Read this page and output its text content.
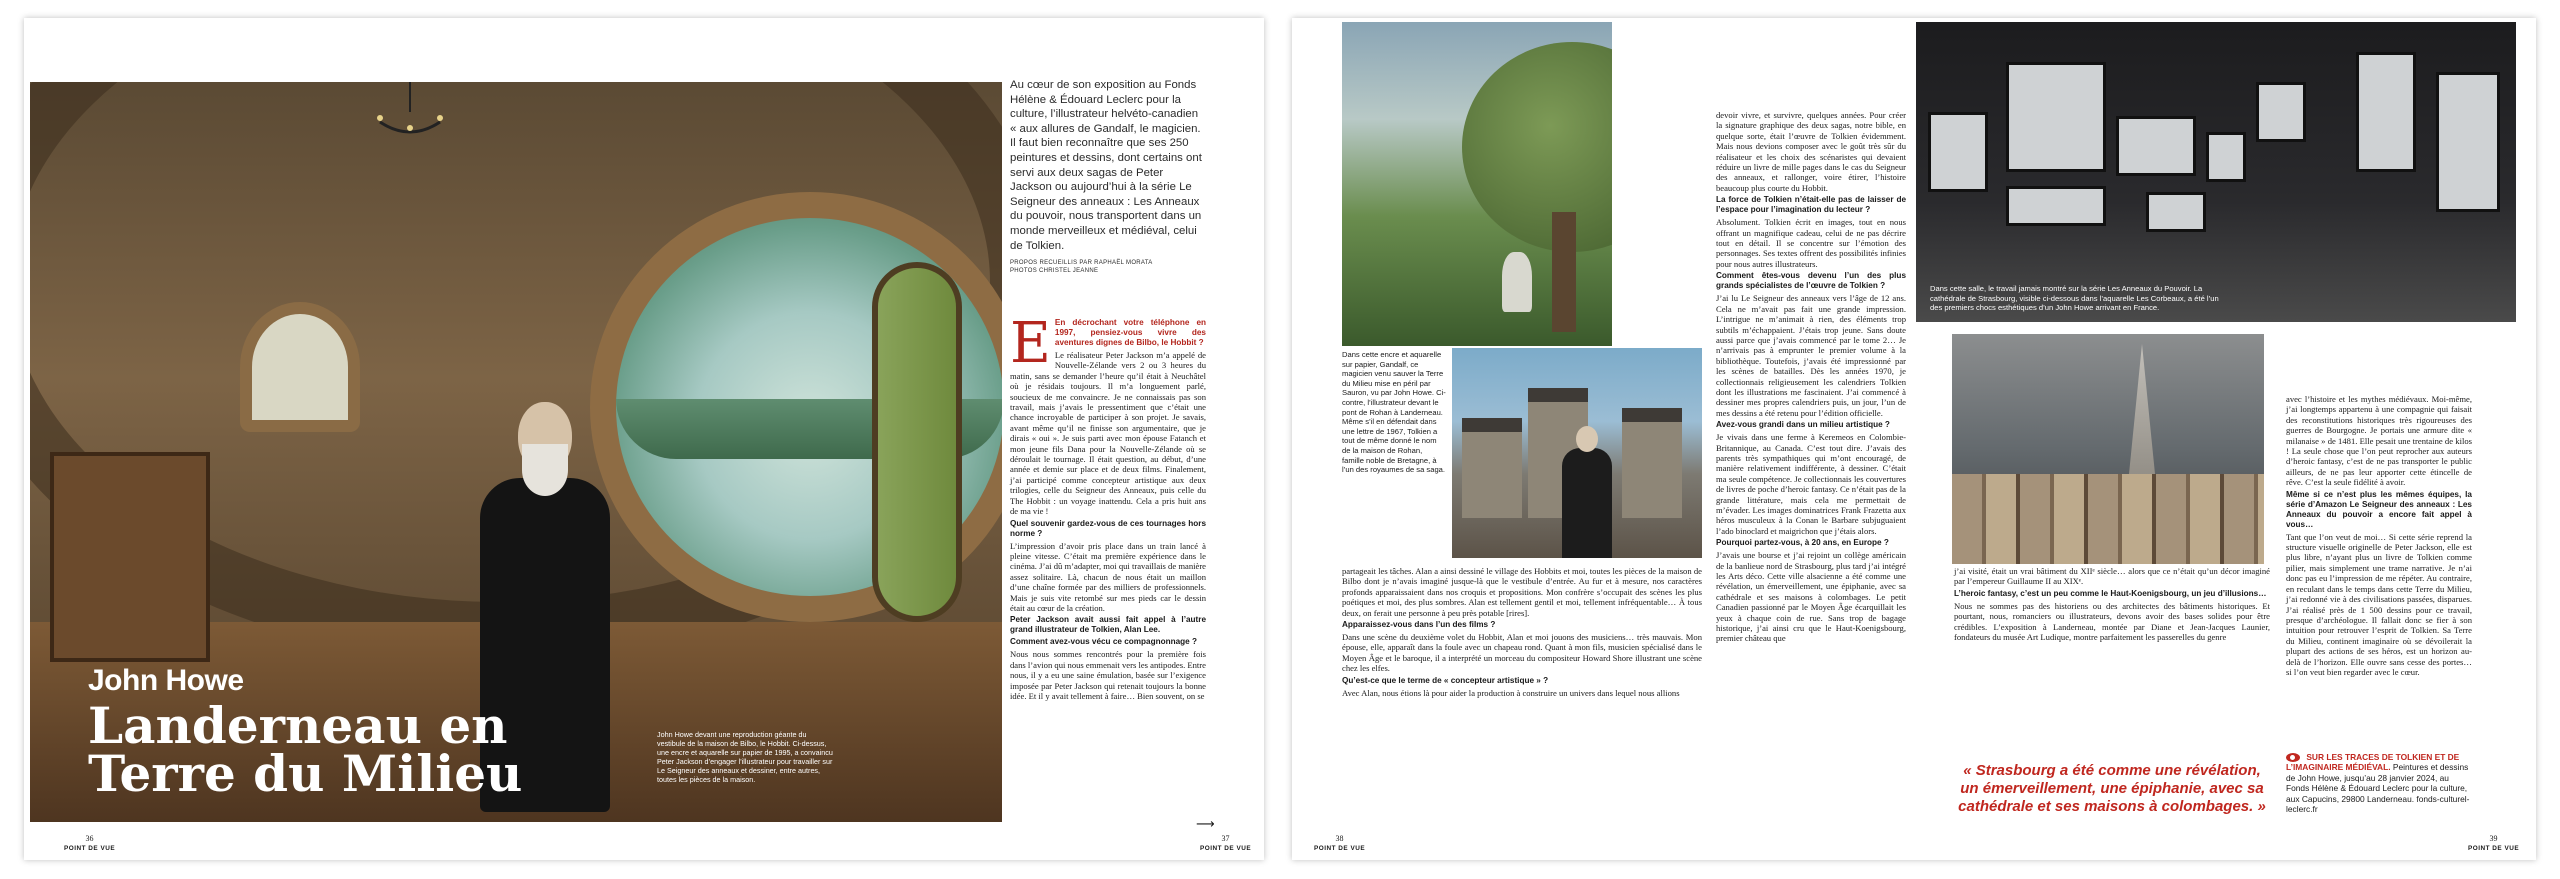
John Howe
Landerneau en
Terre du Milieu
John Howe devant une reproduction géante du vestibule de la maison de Bilbo, le Hobbit. Ci-dessus, une encre et aquarelle sur papier de 1995, a convaincu Peter Jackson d’engager l’illustrateur pour travailler sur Le Seigneur des anneaux et dessiner, entre autres, toutes les pièces de la maison.
Au cœur de son exposition au Fonds Hélène & Édouard Leclerc pour la culture, l’illustrateur helvéto-canadien « aux allures de Gandalf, le magicien. Il faut bien reconnaître que ses 250 peintures et dessins, dont certains ont servi aux deux sagas de Peter Jackson ou aujourd’hui à la série Le Seigneur des anneaux : Les Anneaux du pouvoir, nous transportent dans un monde merveilleux et médiéval, celui de Tolkien.
PROPOS RECUEILLIS PAR RAPHAËL MORATA
PHOTOS CHRISTEL JEANNE
E En décrochant votre téléphone en 1997, pensiez-vous vivre des aventures dignes de Bilbo, le Hobbit ?

Le réalisateur Peter Jackson m’a appelé de Nouvelle-Zélande vers 2 ou 3 heures du matin, sans se demander l’heure qu’il était à Neuchâtel où je résidais toujours. Il m’a longuement parlé, soucieux de me convaincre. Je ne connaissais pas son travail, mais j’avais le pressentiment que c’était une chance incroyable de participer à son projet. Je savais, avant même qu’il ne finisse son argumentaire, que je dirais « oui ». Je suis parti avec mon épouse Fatanch et mon jeune fils Dana pour la Nouvelle-Zélande où se déroulait le tournage. Il était question, au début, d’une année et demie sur place et de deux films. Finalement, j’ai participé comme concepteur artistique aux deux trilogies, celle du Seigneur des Anneaux, puis celle du The Hobbit : un voyage inattendu. Cela a pris huit ans de ma vie !

Quel souvenir gardez-vous de ces tournages hors norme ?

L’impression d’avoir pris place dans un train lancé à pleine vitesse. C’était ma première expérience dans le cinéma. J’ai dû m’adapter, moi qui travaillais de manière assez solitaire. Là, chacun de nous était un maillon d’une chaîne formée par des milliers de professionnels. Mais je suis vite retombé sur mes pieds car le dessin était au cœur de la création.

Peter Jackson avait aussi fait appel à l’autre grand illustrateur de Tolkien, Alan Lee.

Comment avez-vous vécu ce compagnonnage ?

Nous nous sommes rencontrés pour la première fois dans l’avion qui nous emmenait vers les antipodes. Entre nous, il y a eu une saine émulation, basée sur l’exigence imposée par Peter Jackson qui retenait toujours la bonne idée. Et il y avait tellement à faire… Bien souvent, on se

⟶
36
POINT DE VUE
37
POINT DE VUE
Dans cette encre et aquarelle sur papier, Gandalf, ce magicien venu sauver la Terre du Milieu mise en péril par Sauron, vu par John Howe. Ci-contre, l’illustrateur devant le pont de Rohan à Landerneau. Même s’il en défendait dans une lettre de 1967, Tolkien a tout de même donné le nom de la maison de Rohan, famille noble de Bretagne, à l’un des royaumes de sa saga.

partageait les tâches. Alan a ainsi dessiné le village des Hobbits et moi, toutes les pièces de la maison de Bilbo dont je n’avais imaginé jusque-là que le vestibule d’entrée. Au fur et à mesure, nos caractères profonds apparaissaient dans nos croquis et propositions. Mon confrère s’occupait des scènes les plus poétiques et moi, des plus sombres. Alan est tellement gentil et moi, tellement infréquentable… À tous deux, on ferait une personne à peu près potable [rires].

Apparaissez-vous dans l’un des films ?

Dans une scène du deuxième volet du Hobbit, Alan et moi jouons des musiciens… très mauvais. Mon épouse, elle, apparaît dans la foule avec un chapeau rond. Quant à mon fils, musicien spécialisé dans le Moyen Âge et le baroque, il a interprété un morceau du compositeur Howard Shore illustrant une scène chez les elfes.

Qu’est-ce que le terme de « concepteur artistique » ?

Avec Alan, nous étions là pour aider la production à construire un univers dans lequel nous allions

devoir vivre, et survivre, quelques années. Pour créer la signature graphique des deux sagas, notre bible, en quelque sorte, était l’œuvre de Tolkien évidemment. Mais nous devions composer avec le goût très sûr du réalisateur et les choix des scénaristes qui devaient réduire un livre de mille pages dans le cas du Seigneur des anneaux, et rallonger, voire étirer, l’histoire beaucoup plus courte du Hobbit.

La force de Tolkien n’était-elle pas de laisser de l’espace pour l’imagination du lecteur ?

Absolument. Tolkien écrit en images, tout en nous offrant un magnifique cadeau, celui de ne pas décrire tout en détail. Il se concentre sur l’émotion des personnages. Ses textes offrent des possibilités infinies pour nous autres illustrateurs.

Comment êtes-vous devenu l’un des plus grands spécialistes de l’œuvre de Tolkien ?

J’ai lu Le Seigneur des anneaux vers l’âge de 12 ans. Cela ne m’avait pas fait une grande impression. L’intrigue ne m’animait à rien, des éléments trop subtils m’échappaient. J’étais trop jeune. Sans doute aussi parce que j’avais commencé par le tome 2… Je n’arrivais pas à emprunter le premier volume à la bibliothèque. Toutefois, j’avais été impressionné par les scènes de batailles. Dès les années 1970, je collectionnais religieusement les calendriers Tolkien dont les illustrations me fascinaient. J’ai commencé à dessiner mes propres calendriers puis, un jour, l’un de mes dessins a été retenu pour l’édition officielle.

Avez-vous grandi dans un milieu artistique ?

Je vivais dans une ferme à Keremeos en Colombie-Britannique, au Canada. C’est tout dire. J’avais des parents très sympathiques qui m’ont encouragé, de manière relativement indifférente, à dessiner. C’était ma seule compétence. Je collectionnais les couvertures de livres de poche d’heroic fantasy. Ce n’était pas de la grande littérature, mais cela me permettait de m’évader. Les images dominatrices Frank Frazetta aux héros musculeux à la Conan le Barbare subjuguaient l’ado binoclard et maigrichon que j’étais alors.

Pourquoi partez-vous, à 20 ans, en Europe ?

J’avais une bourse et j’ai rejoint un collège américain de la banlieue nord de Strasbourg, plus tard j’ai intégré les Arts déco. Cette ville alsacienne a été comme une révélation, un émerveillement, une épiphanie, avec sa cathédrale et ses maisons à colombages. Le petit Canadien passionné par le Moyen Âge écarquillait les yeux à chaque coin de rue. Sans trop de bagage historique, j’ai ainsi cru que le Haut-Koenigsbourg, premier château que

Dans cette salle, le travail jamais montré sur la série Les Anneaux du Pouvoir. La cathédrale de Strasbourg, visible ci-dessous dans l’aquarelle Les Corbeaux, a été l’un des premiers chocs esthétiques d’un John Howe arrivant en France.

j’ai visité, était un vrai bâtiment du XIIᵉ siècle… alors que ce n’était qu’un décor imaginé par l’empereur Guillaume II au XIXᵉ.

L’heroic fantasy, c’est un peu comme le Haut-Koenigsbourg, un jeu d’illusions…

Nous ne sommes pas des historiens ou des architectes des bâtiments historiques. Et pourtant, nous, romanciers ou illustrateurs, devons avoir des bases solides pour être crédibles. L’exposition à Landerneau, montée par Diane et Jean-Jacques Launier, fondateurs du musée Art Ludique, montre parfaitement les passerelles du genre

avec l’histoire et les mythes médiévaux. Moi-même, j’ai longtemps appartenu à une compagnie qui faisait des reconstitutions historiques très rigoureuses des guerres de Bourgogne. Je portais une armure dite « milanaise » de 1481. Elle pesait une trentaine de kilos ! La seule chose que l’on peut reprocher aux auteurs d’heroic fantasy, c’est de ne pas transporter le public ailleurs, de ne pas leur apporter cette étincelle de rêve. C’est la seule fidélité à avoir.

Même si ce n’est plus les mêmes équipes, la série d’Amazon Le Seigneur des anneaux : Les Anneaux du pouvoir a encore fait appel à vous…

Tant que l’on veut de moi… Si cette série reprend la structure visuelle originelle de Peter Jackson, elle est plus libre, n’ayant plus un livre de Tolkien comme pilier, mais simplement une trame narrative. Je n’ai donc pas eu l’impression de me répéter. Au contraire, en reculant dans le temps dans cette Terre du Milieu, j’ai redonné vie à des civilisations passées, disparues. J’ai réalisé près de 1 500 dessins pour ce travail, presque d’archéologue. Il fallait donc se fier à son intuition pour retrouver l’esprit de Tolkien. Sa Terre du Milieu, continent imaginaire où se dévoilerait la plupart des actions de ses héros, est un horizon au-delà de l’horizon. Elle ouvre sans cesse des portes… si l’on veut bien regarder avec le cœur.

« Strasbourg a été comme une révélation, un émerveillement, une épiphanie, avec sa cathédrale et ses maisons à colombages. »
SUR LES TRACES DE TOLKIEN ET DE L’IMAGINAIRE MÉDIÉVAL. Peintures et dessins de John Howe, jusqu’au 28 janvier 2024, au Fonds Hélène & Édouard Leclerc pour la culture, aux Capucins, 29800 Landerneau. fonds-culturel-leclerc.fr
38
POINT DE VUE
39
POINT DE VUE
